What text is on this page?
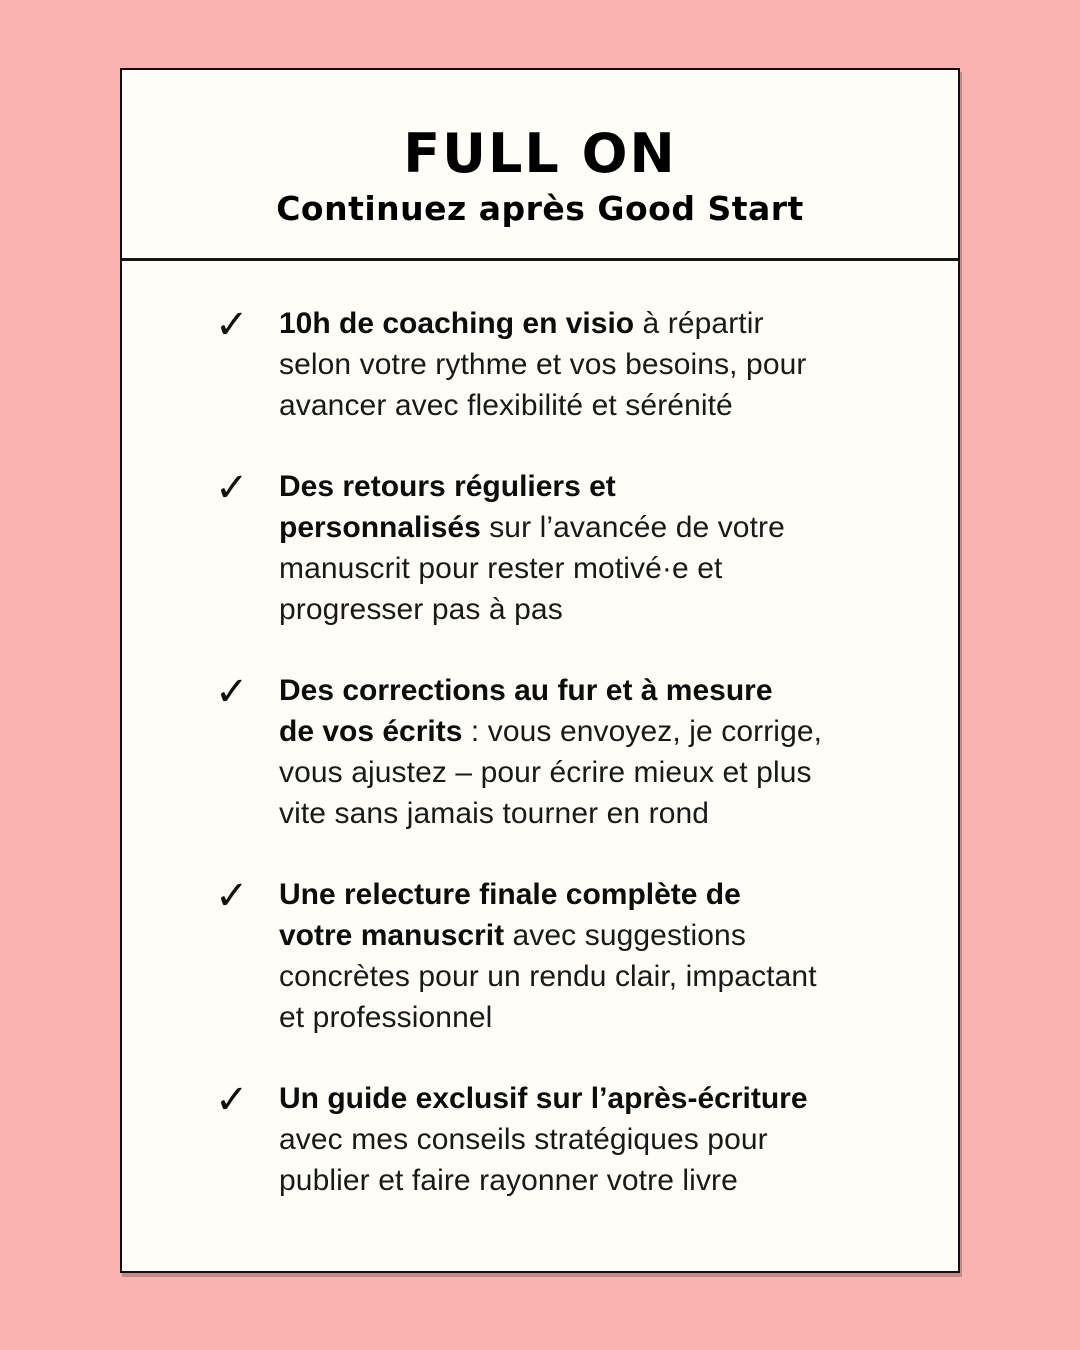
FULL ON
Continuez après Good Start
✓	10h de coaching en visio à répartir
selon votre rythme et vos besoins, pour
avancer avec flexibilité et sérénité
✓	Des retours réguliers et
personnalisés sur l’avancée de votre
manuscrit pour rester motivé·e et
progresser pas à pas
✓	Des corrections au fur et à mesure
de vos écrits : vous envoyez, je corrige,
vous ajustez – pour écrire mieux et plus
vite sans jamais tourner en rond
✓	Une relecture finale complète de
votre manuscrit avec suggestions
concrètes pour un rendu clair, impactant
et professionnel
✓	Un guide exclusif sur l’après-écriture
avec mes conseils stratégiques pour
publier et faire rayonner votre livre
